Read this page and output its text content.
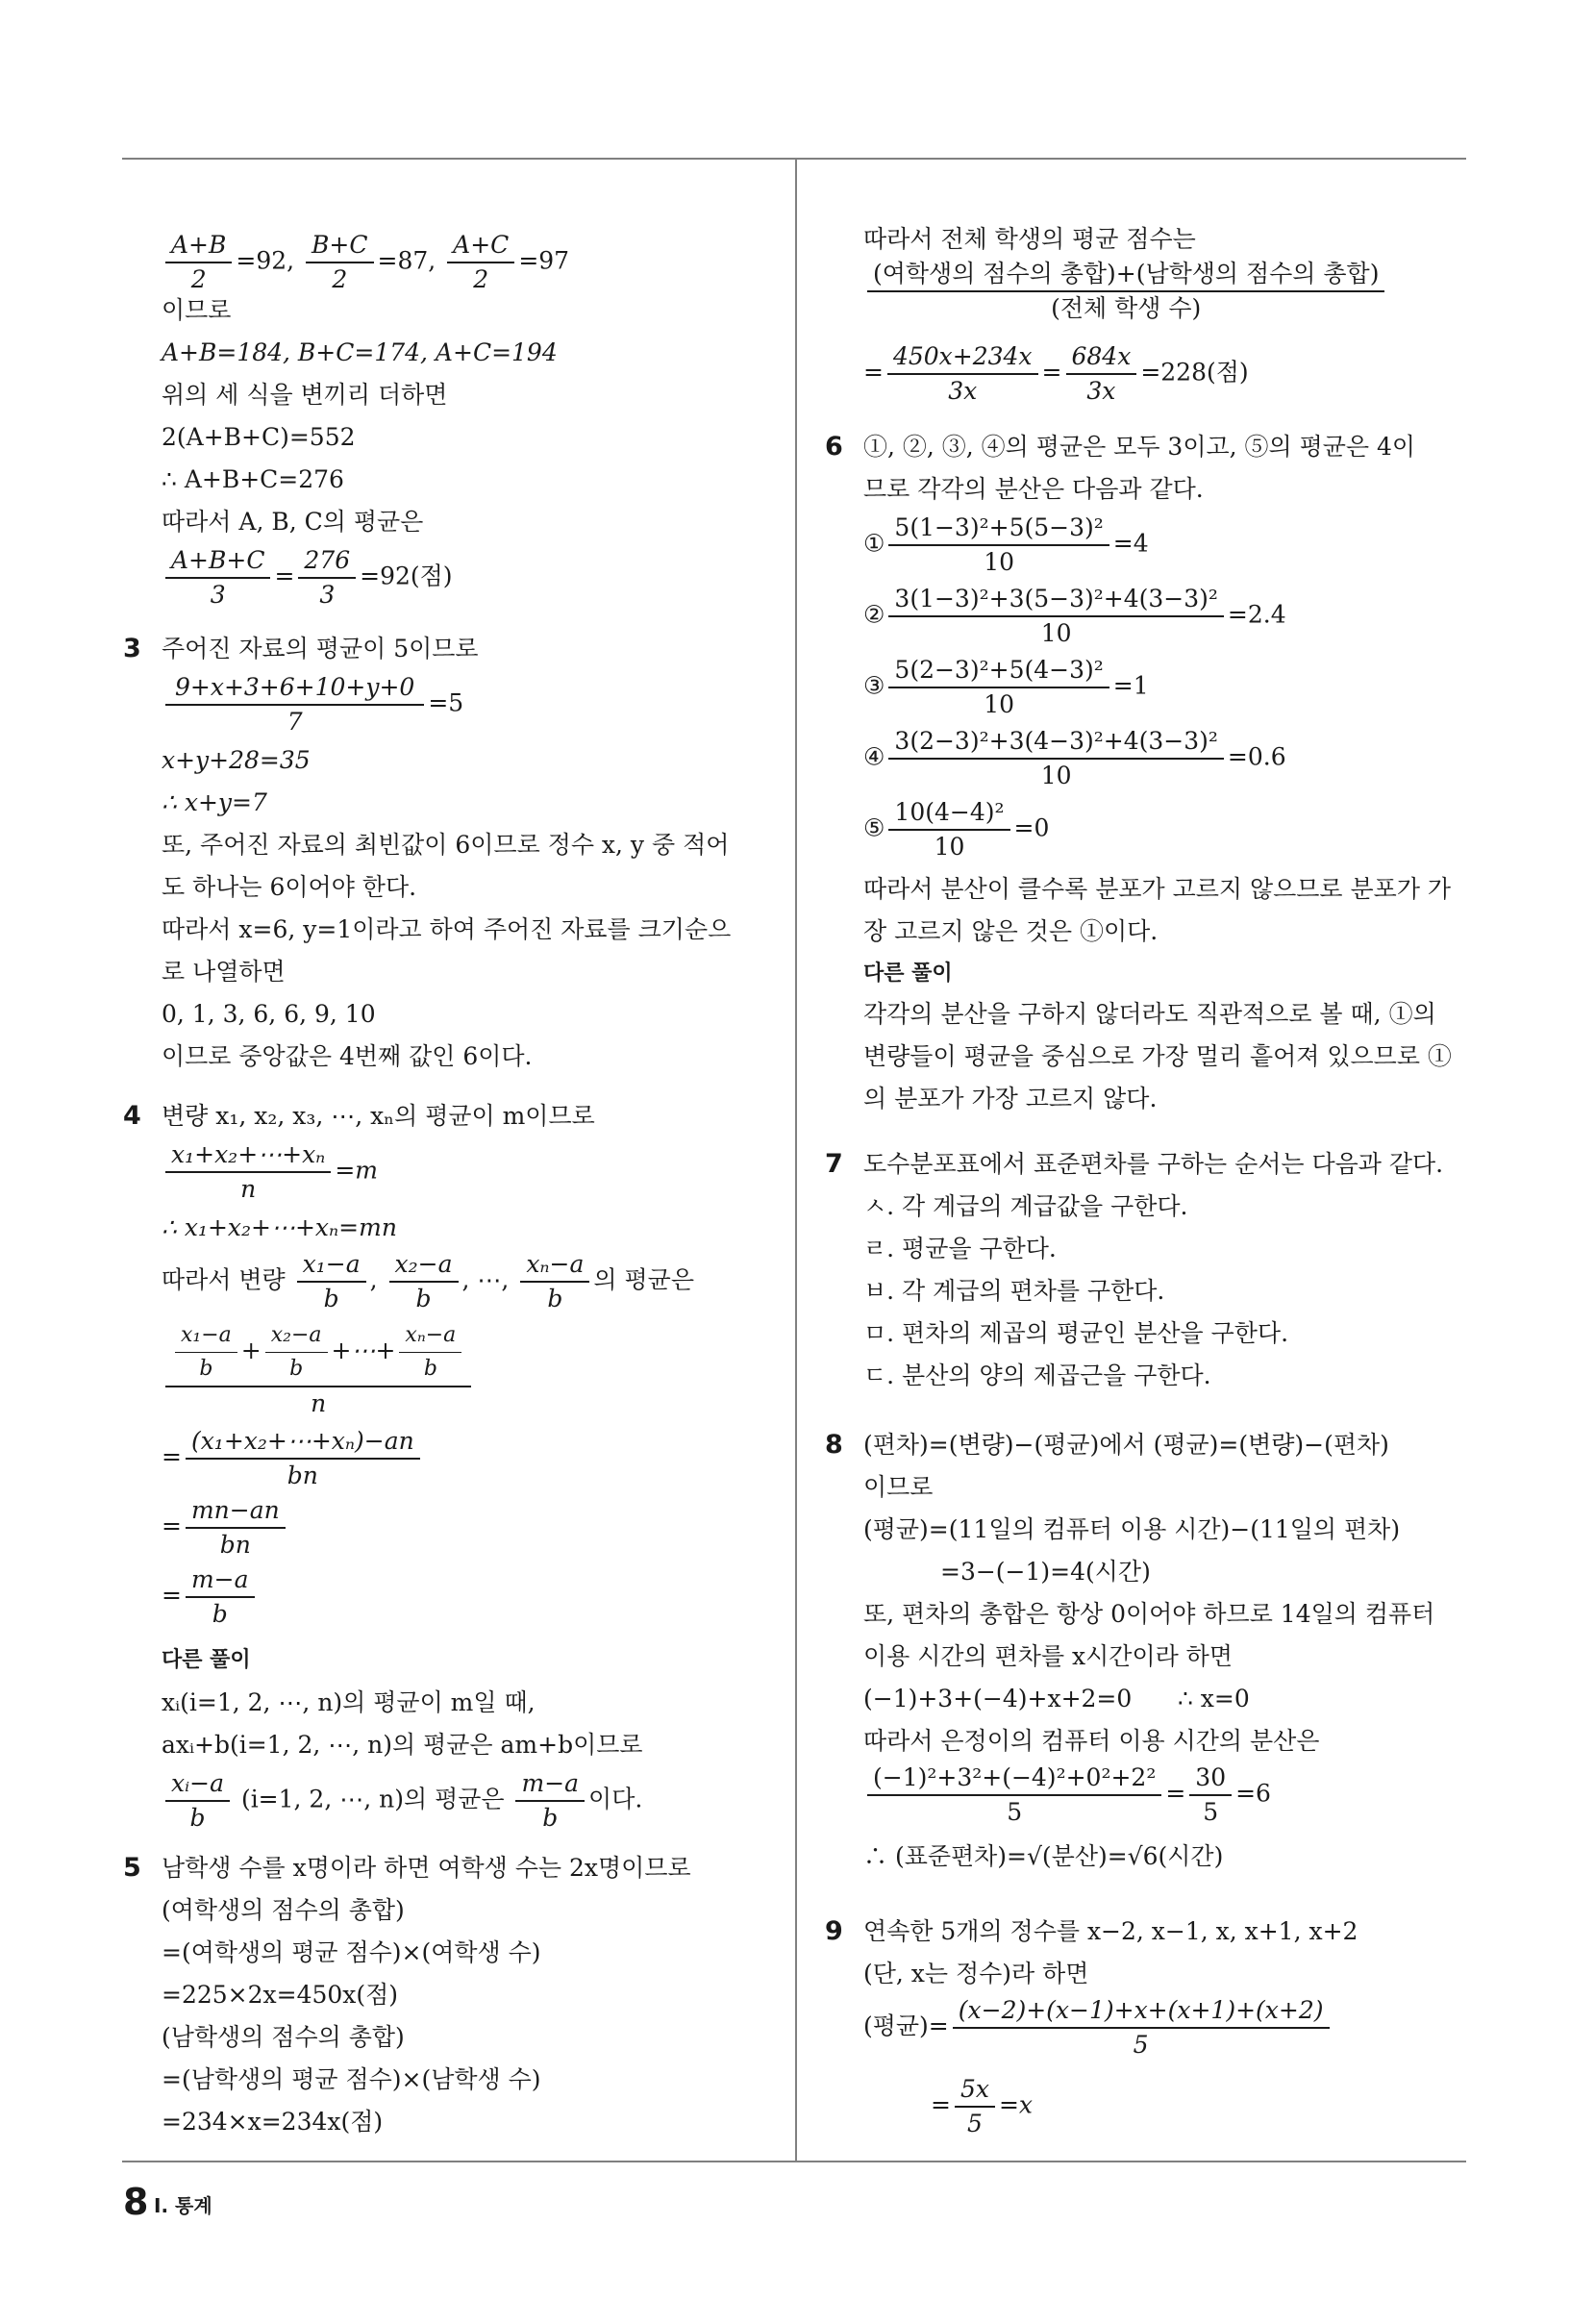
$\frac{A+B}{2} =92$, $\frac{B+C}{2} =87$, $\frac{A+C}{2} =97$
이므로
A+B=184, B+C=174, A+C=194
위의 세 식을 변끼리 더하면
2(A+B+C)=552
∴ A+B+C=276
따라서 A, B, C의 평균은
$\frac{A+B+C}{3} = \frac{276}{3} =92$(점)
3 주어진 자료의 평균이 5이므로
$\frac{9+x+3+6+10+y+0}{7} =5$
x+y+28=35
∴ x+y=7
또, 주어진 자료의 최빈값이 6이므로 정수 x, y 중 적어
도 하나는 6이어야 한다.
따라서 x=6, y=1이라고 하여 주어진 자료를 크기순으
로 나열하면
0, 1, 3, 6, 6, 9, 10
이므로 중앙값은 4번째 값인 6이다.
4 변량 x₁, x₂, x₃, ⋯, xₙ의 평균이 m이므로
$\frac{\text{x₁+x₂+⋯+xₙ}}{n} =m$
∴ x₁+x₂+⋯+xₙ=mn
따라서 변량 $\frac{\text{x₁−a}}{b}$ , $\frac{\text{x₂−a}}{b}$ , ⋯, $\frac{\text{xₙ−a}}{b}$ 의 평균은
$\frac{\frac{\text{x₁−a}}{b} + \frac{\text{x₂−a}}{b} +\cdots+ \frac{\text{xₙ−a}}{b}}{n}$
= $\frac{\text{(x₁+x₂+⋯+xₙ)−an}}{bn}$
= $\frac{mn-an}{bn}$
= $\frac{m-a}{b}$
다른 풀이
xᵢ(i=1, 2, ⋯, n)의 평균이 m일 때,
axᵢ+b(i=1, 2, ⋯, n)의 평균은 am+b이므로
$\frac{\text{xᵢ−a}}{b} (i=1$, 2, ⋯, n)의 평균은 $\frac{m-a}{b}$ 이다.
5 남학생 수를 x명이라 하면 여학생 수는 2x명이므로
(여학생의 점수의 총합)
=(여학생의 평균 점수)×(여학생 수)
=225×2x=450x(점)
(남학생의 점수의 총합)
=(남학생의 평균 점수)×(남학생 수)
=234×x=234x(점)
따라서 전체 학생의 평균 점수는
$\frac{\text{(여학생의 점수의 총합)+(남학생의 점수의 총합)}}{\text{(전체 학생 수)}}$
= $\frac{450x+234x}{3x} = \frac{684x}{3x} =228$(점)
6 ①, ②, ③, ④의 평균은 모두 3이고, ⑤의 평균은 4이
므로 각각의 분산은 다음과 같다.
① $\frac{\text{5(1−3)²+5(5−3)²}}{10} =4$
② $\frac{\text{3(1−3)²+3(5−3)²+4(3−3)²}}{10} =2.4$
③ $\frac{\text{5(2−3)²+5(4−3)²}}{10} =1$
④ $\frac{\text{3(2−3)²+3(4−3)²+4(3−3)²}}{10} =0.6$
⑤ $\frac{\text{10(4−4)²}}{10} =0$
따라서 분산이 클수록 분포가 고르지 않으므로 분포가 가
장 고르지 않은 것은 ①이다.
다른 풀이
각각의 분산을 구하지 않더라도 직관적으로 볼 때, ①의
변량들이 평균을 중심으로 가장 멀리 흩어져 있으므로 ①
의 분포가 가장 고르지 않다.
7 도수분포표에서 표준편차를 구하는 순서는 다음과 같다.
ㅅ. 각 계급의 계급값을 구한다.
ㄹ. 평균을 구한다.
ㅂ. 각 계급의 편차를 구한다.
ㅁ. 편차의 제곱의 평균인 분산을 구한다.
ㄷ. 분산의 양의 제곱근을 구한다.
8 (편차)=(변량)−(평균)에서 (평균)=(변량)−(편차)
이므로
(평균)=(11일의 컴퓨터 이용 시간)−(11일의 편차)
=3−(−1)=4(시간)
또, 편차의 총합은 항상 0이어야 하므로 14일의 컴퓨터
이용 시간의 편차를 x시간이라 하면
(−1)+3+(−4)+x+2=0      ∴ x=0
따라서 은정이의 컴퓨터 이용 시간의 분산은
$\frac{\text{(−1)²+3²+(−4)²+0²+2²}}{5} = \frac{30}{5} =6$
∴ (표준편차)=√(분산)=√6(시간)
9 연속한 5개의 정수를 x−2, x−1, x, x+1, x+2
(단, x는 정수)라 하면
(평균)= $\frac{(x-2)+(x-1)+x+(x+1)+(x+2)}{5}$
= $\frac{5x}{5} =x$
8 Ⅰ. 통계
